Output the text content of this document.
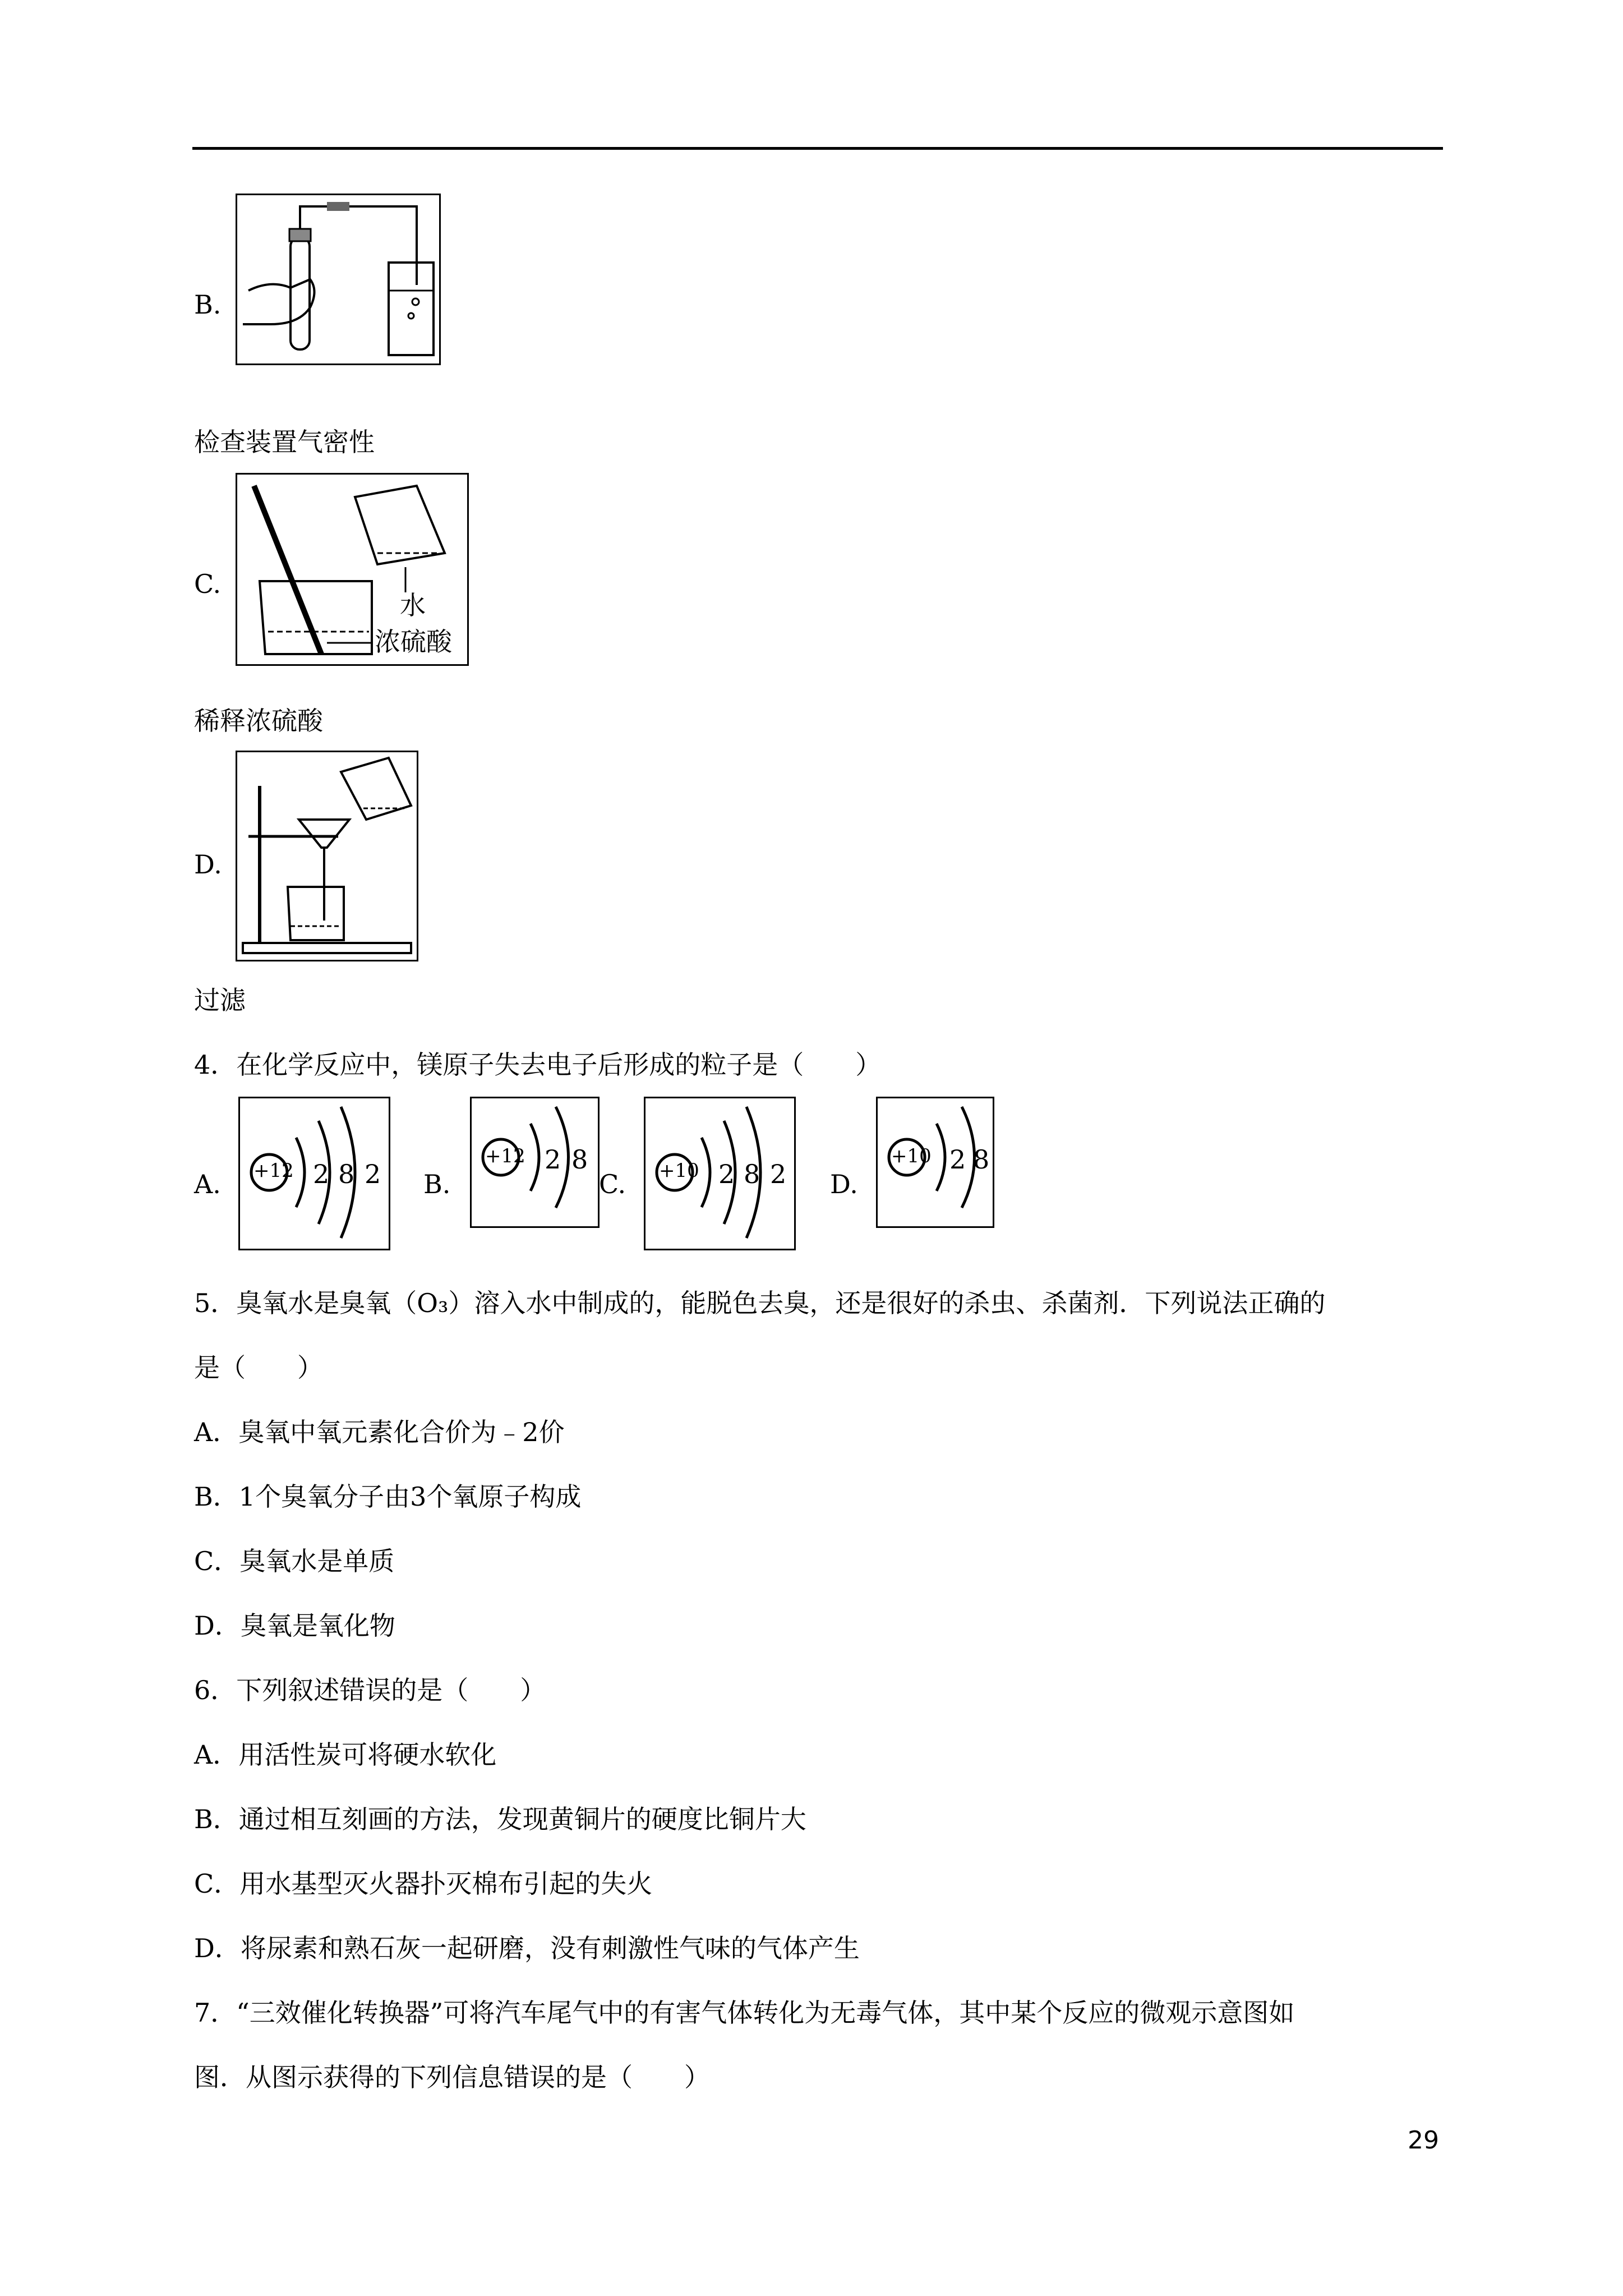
B.
检查装置气密性
C.
水
浓硫酸
稀释浓硫酸
D.
过滤
4．在化学反应中，镁原子失去电子后形成的粒子是（　　）
A. +12 2 8 2 B.
+12 2 8
C. +10 2 8 2 D.
+10 2 8
5．臭氧水是臭氧（O₃）溶入水中制成的，能脱色去臭，还是很好的杀虫、杀菌剂．下列说法正确的
是（　　）
A．臭氧中氧元素化合价为﹣2价
B．1个臭氧分子由3个氧原子构成
C．臭氧水是单质
D．臭氧是氧化物
6．下列叙述错误的是（　　）
A．用活性炭可将硬水软化
B．通过相互刻画的方法，发现黄铜片的硬度比铜片大
C．用水基型灭火器扑灭棉布引起的失火
D．将尿素和熟石灰一起研磨，没有刺激性气味的气体产生
7．“三效催化转换器”可将汽车尾气中的有害气体转化为无毒气体，其中某个反应的微观示意图如
图．从图示获得的下列信息错误的是（　　）
29
